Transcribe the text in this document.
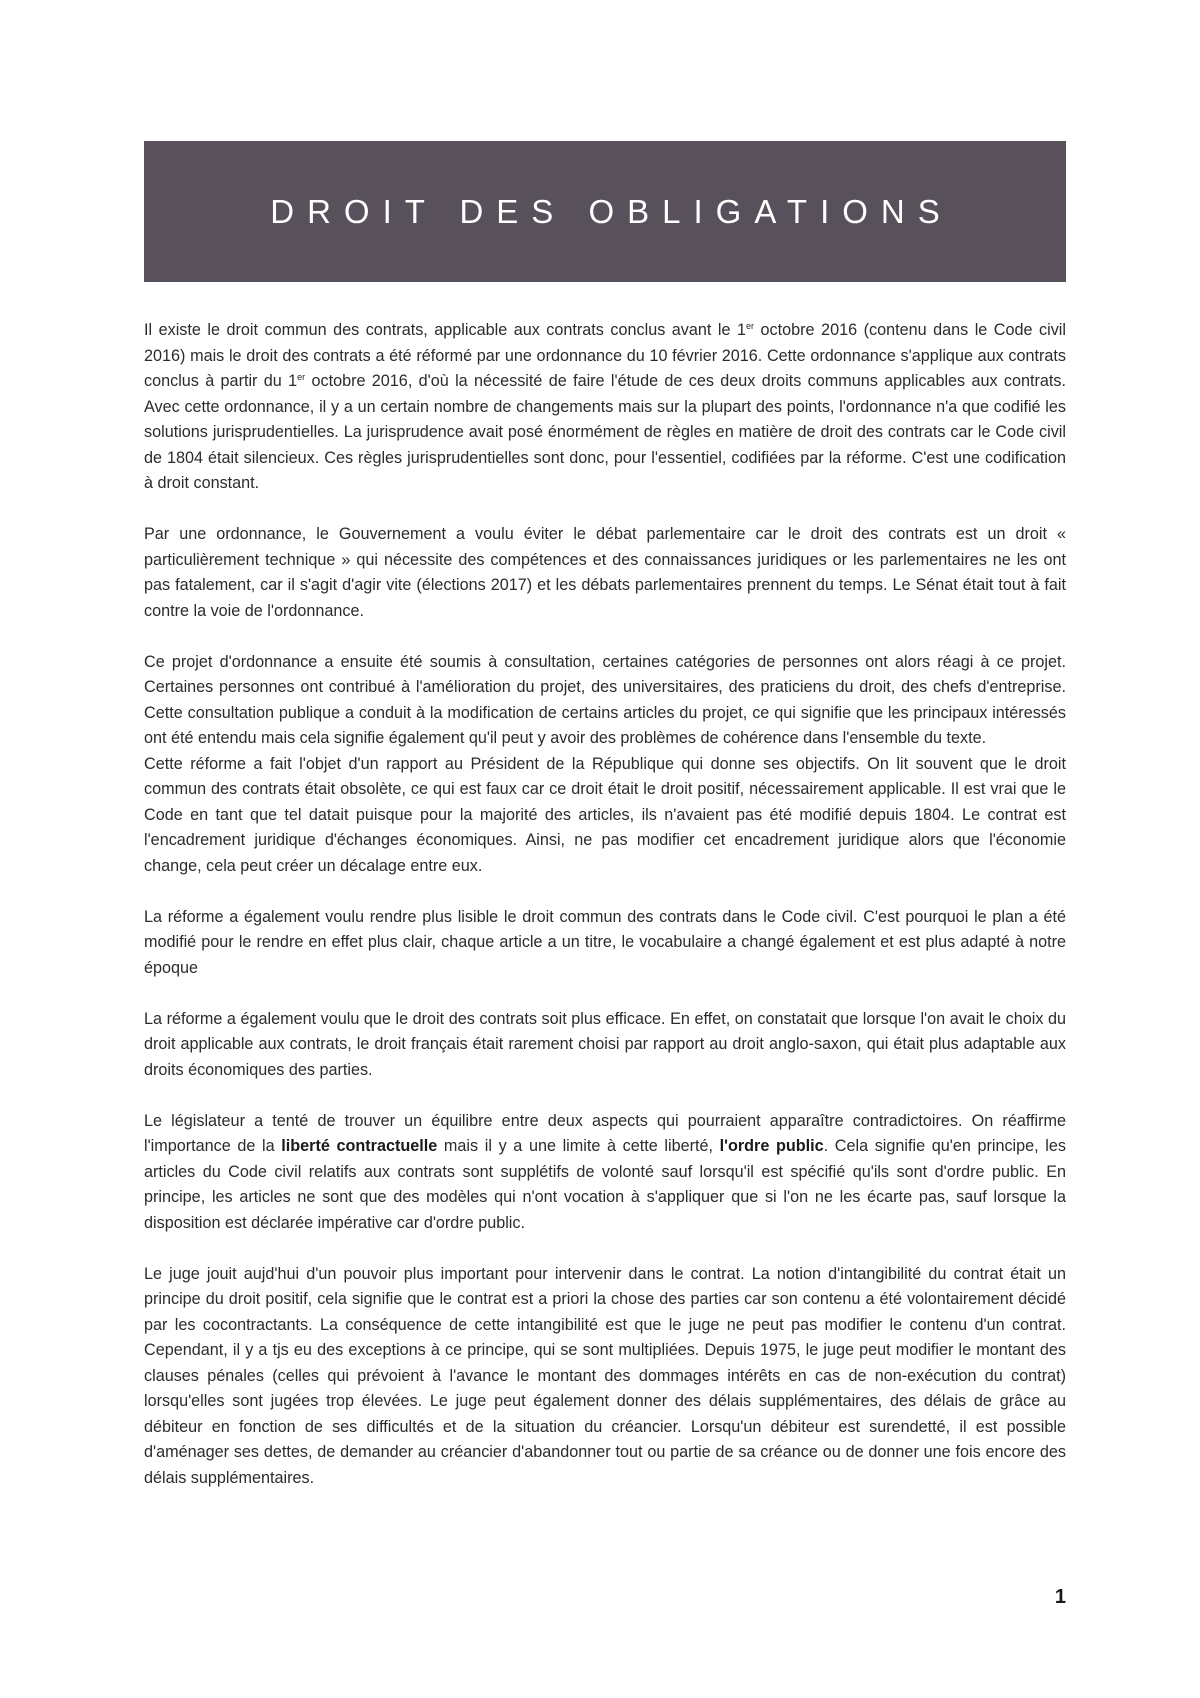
DROIT DES OBLIGATIONS

Il existe le droit commun des contrats, applicable aux contrats conclus avant le 1er octobre 2016 (contenu dans le Code civil 2016) mais le droit des contrats a été réformé par une ordonnance du 10 février 2016. Cette ordonnance s'applique aux contrats conclus à partir du 1er octobre 2016, d'où la nécessité de faire l'étude de ces deux droits communs applicables aux contrats. Avec cette ordonnance, il y a un certain nombre de changements mais sur la plupart des points, l'ordonnance n'a que codifié les solutions jurisprudentielles. La jurisprudence avait posé énormément de règles en matière de droit des contrats car le Code civil de 1804 était silencieux. Ces règles jurisprudentielles sont donc, pour l'essentiel, codifiées par la réforme. C'est une codification à droit constant.

Par une ordonnance, le Gouvernement a voulu éviter le débat parlementaire car le droit des contrats est un droit « particulièrement technique » qui nécessite des compétences et des connaissances juridiques or les parlementaires ne les ont pas fatalement, car il s'agit d'agir vite (élections 2017) et les débats parlementaires prennent du temps. Le Sénat était tout à fait contre la voie de l'ordonnance.

Ce projet d'ordonnance a ensuite été soumis à consultation, certaines catégories de personnes ont alors réagi à ce projet. Certaines personnes ont contribué à l'amélioration du projet, des universitaires, des praticiens du droit, des chefs d'entreprise. Cette consultation publique a conduit à la modification de certains articles du projet, ce qui signifie que les principaux intéressés ont été entendu mais cela signifie également qu'il peut y avoir des problèmes de cohérence dans l'ensemble du texte.

Cette réforme a fait l'objet d'un rapport au Président de la République qui donne ses objectifs. On lit souvent que le droit commun des contrats était obsolète, ce qui est faux car ce droit était le droit positif, nécessairement applicable. Il est vrai que le Code en tant que tel datait puisque pour la majorité des articles, ils n'avaient pas été modifié depuis 1804. Le contrat est l'encadrement juridique d'échanges économiques. Ainsi, ne pas modifier cet encadrement juridique alors que l'économie change, cela peut créer un décalage entre eux.

La réforme a également voulu rendre plus lisible le droit commun des contrats dans le Code civil. C'est pourquoi le plan a été modifié pour le rendre en effet plus clair, chaque article a un titre, le vocabulaire a changé également et est plus adapté à notre époque

La réforme a également voulu que le droit des contrats soit plus efficace. En effet, on constatait que lorsque l'on avait le choix du droit applicable aux contrats, le droit français était rarement choisi par rapport au droit anglo-saxon, qui était plus adaptable aux droits économiques des parties.

Le législateur a tenté de trouver un équilibre entre deux aspects qui pourraient apparaître contradictoires. On réaffirme l'importance de la liberté contractuelle mais il y a une limite à cette liberté, l'ordre public. Cela signifie qu'en principe, les articles du Code civil relatifs aux contrats sont supplétifs de volonté sauf lorsqu'il est spécifié qu'ils sont d'ordre public. En principe, les articles ne sont que des modèles qui n'ont vocation à s'appliquer que si l'on ne les écarte pas, sauf lorsque la disposition est déclarée impérative car d'ordre public.

Le juge jouit aujd'hui d'un pouvoir plus important pour intervenir dans le contrat. La notion d'intangibilité du contrat était un principe du droit positif, cela signifie que le contrat est a priori la chose des parties car son contenu a été volontairement décidé par les cocontractants. La conséquence de cette intangibilité est que le juge ne peut pas modifier le contenu d'un contrat. Cependant, il y a tjs eu des exceptions à ce principe, qui se sont multipliées. Depuis 1975, le juge peut modifier le montant des clauses pénales (celles qui prévoient à l'avance le montant des dommages intérêts en cas de non-exécution du contrat) lorsqu'elles sont jugées trop élevées. Le juge peut également donner des délais supplémentaires, des délais de grâce au débiteur en fonction de ses difficultés et de la situation du créancier. Lorsqu'un débiteur est surendetté, il est possible d'aménager ses dettes, de demander au créancier d'abandonner tout ou partie de sa créance ou de donner une fois encore des délais supplémentaires.

1
